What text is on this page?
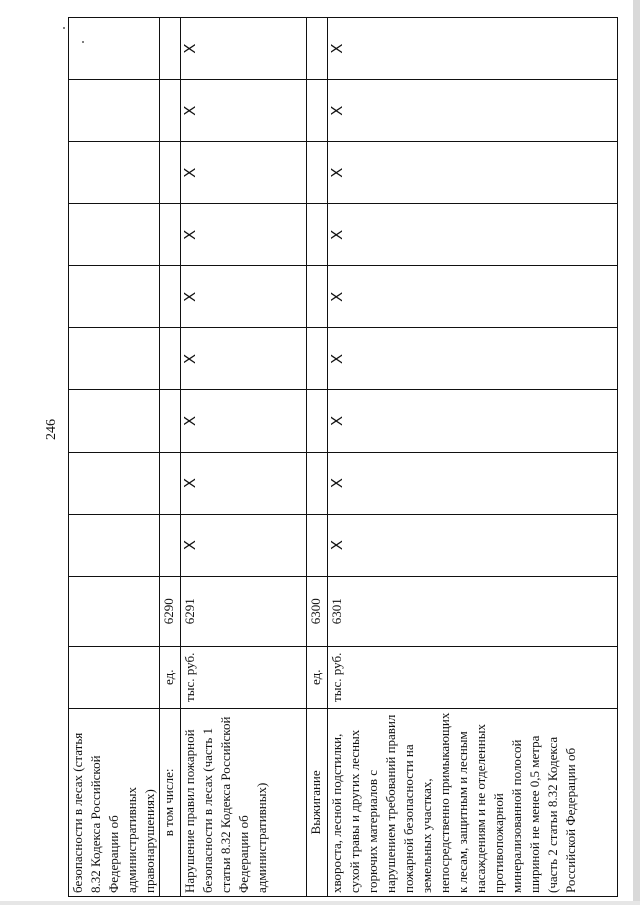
246
безопасности в лесах (статья 8.32 Кодекса Российской Федерации об административных правонарушениях)											
в том числе:	ед.	6290									
Нарушение правил пожарной безопасности в лесах (часть 1 статьи 8.32 Кодекса Российской Федерации об административных)	тыс. руб.	6291	X	X	X	X	X	X	X	X	X
Выжигание	ед.	6300									
хвороста, лесной подстилки, сухой травы и других лесных горючих материалов с нарушением требований правил пожарной безопасности на земельных участках, непосредственно примыкающих к лесам, защитным и лесным насаждениям и не отделенных противопожарной минерализованной полосой шириной не менее 0,5 метра (часть 2 статьи 8.32 Кодекса Российской Федерации об	тыс. руб.	6301	X	X	X	X	X	X	X	X	X
